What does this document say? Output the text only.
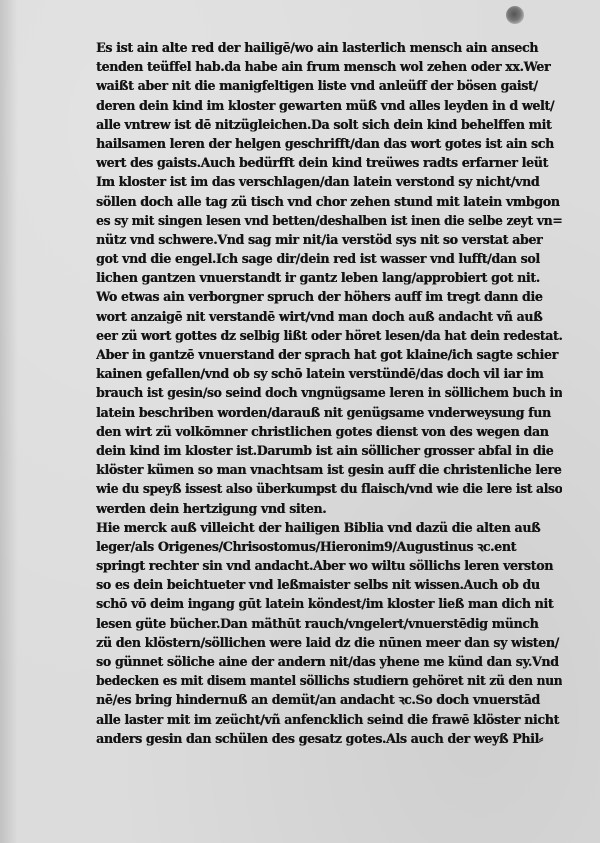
Es ist ain alte red der hailigē/wo ain lasterlich mensch ain ansech
tenden teüffel hab.da habe ain frum mensch wol zehen oder xx.Wer
waißt aber nit die manigfeltigen liste vnd anleüff der bösen gaist/
deren dein kind im kloster gewarten müß vnd alles leyden in d welt/
alle vntrew ist dē nitzügleichen.Da solt sich dein kind behelffen mit
hailsamen leren der helgen geschrifft/dan das wort gotes ist ain sch
wert des gaists.Auch bedürfft dein kind treüwes radts erfarner leüt
Im kloster ist im das verschlagen/dan latein verstond sy nicht/vnd
söllen doch alle tag zü tisch vnd chor zehen stund mit latein vmbgon
es sy mit singen lesen vnd betten/deshalben ist inen die selbe zeyt vn=
nütz vnd schwere.Vnd sag mir nit/ia verstöd sys nit so verstat aber
got vnd die engel.Ich sage dir/dein red ist wasser vnd lufft/dan sol
lichen gantzen vnuerstandt ir gantz leben lang/approbiert got nit.
Wo etwas ain verborgner spruch der höhers auff im tregt dann die
wort anzaigē nit verstandē wirt/vnd man doch auß andacht vñ auß
eer zü wort gottes dz selbig lißt oder höret lesen/da hat dein redestat.
Aber in gantzē vnuerstand der sprach hat got klaine/ich sagte schier
kainen gefallen/vnd ob sy schō latein verstündē/das doch vil iar im
brauch ist gesin/so seind doch vngnügsame leren in söllichem buch in
latein beschriben worden/darauß nit genügsame vnderweysung fun
den wirt zü volkōmner christlichen gotes dienst von des wegen dan
dein kind im kloster ist.Darumb ist ain söllicher grosser abfal in die
klöster kümen so man vnachtsam ist gesin auff die christenliche lere
wie du speyß issest also überkumpst du flaisch/vnd wie die lere ist also
werden dein hertzigung vnd siten.
Hie merck auß villeicht der hailigen Biblia vnd dazü die alten auß
leger/als Origenes/Chrisostomus/Hieronim9/Augustinus ꝛc.ent
springt rechter sin vnd andacht.Aber wo wiltu söllichs leren verston
so es dein beichtueter vnd leßmaister selbs nit wissen.Auch ob du
schō vō deim ingang gūt latein köndest/im kloster ließ man dich nit
lesen güte bücher.Dan mäthūt rauch/vngelert/vnuerstēdig münch
zü den klöstern/söllichen were laid dz die nūnen meer dan sy wisten/
so günnet söliche aine der andern nit/das yhene me künd dan sy.Vnd
bedecken es mit disem mantel söllichs studiern gehöret nit zü den nun
nē/es bring hindernuß an demüt/an andacht ꝛc.So doch vnuerstād
alle laster mit im zeücht/vñ anfencklich seind die frawē klöster nicht
anders gesin dan schülen des gesatz gotes.Als auch der weyß Phil⸗
